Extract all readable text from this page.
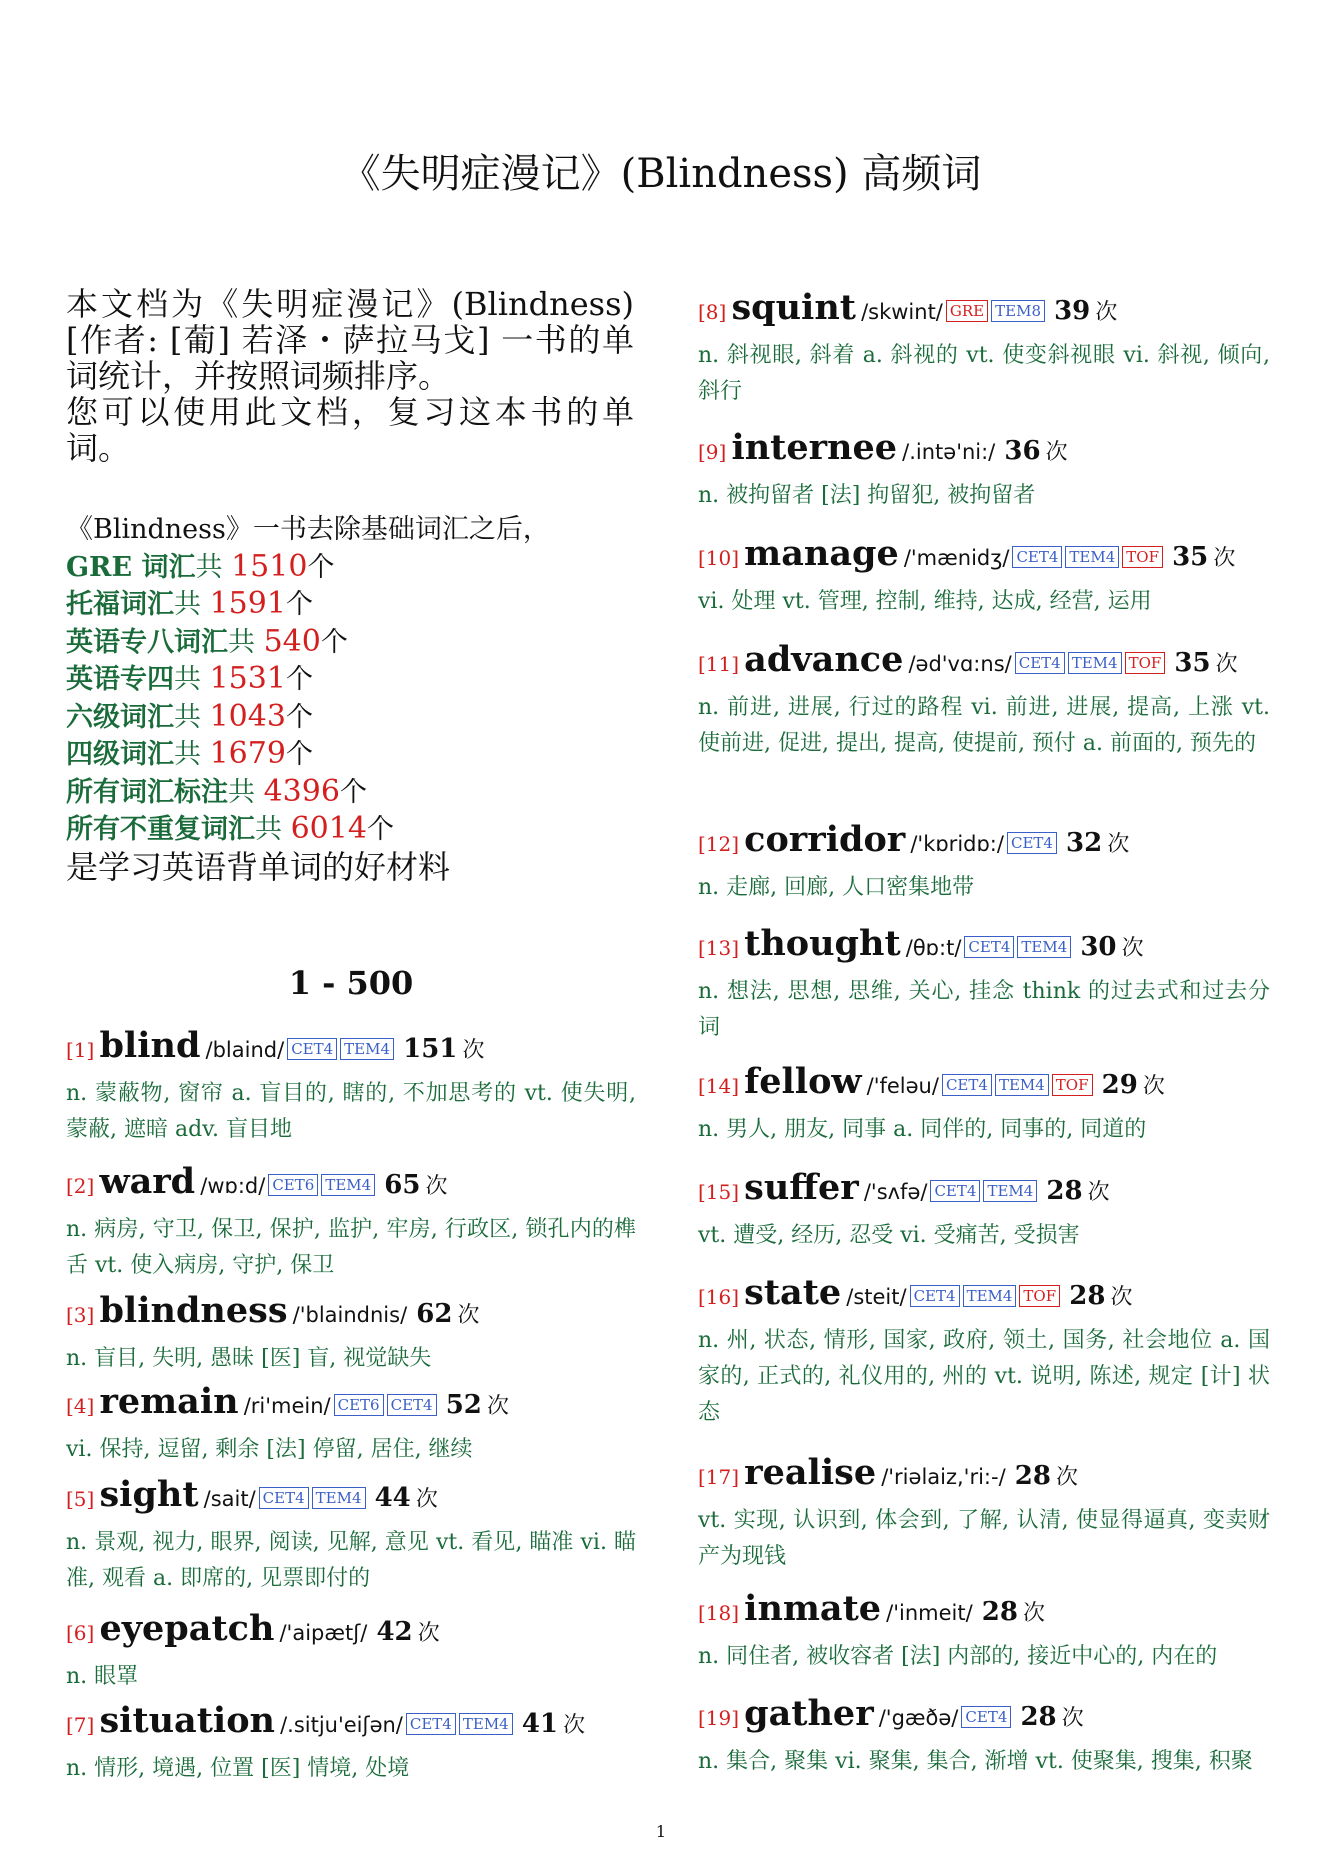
《失明症漫记》(Blindness) 高频词

本文档为《失明症漫记》(Blindness)[作者: [葡] 若泽・萨拉马戈] 一书的单词统计，并按照词频排序。

您可以使用此文档，复习这本书的单词。

《Blindness》一书去除基础词汇之后，
GRE 词汇共 1510个
托福词汇共 1591个
英语专八词汇共 540个
英语专四共 1531个
六级词汇共 1043个
四级词汇共 1679个
所有词汇标注共 4396个
所有不重复词汇共 6014个
是学习英语背单词的好材料
1 - 500
[1] blind /blaind/ CET4 TEM4 151 次
n. 蒙蔽物, 窗帘 a. 盲目的, 瞎的, 不加思考的 vt. 使失明, 蒙蔽, 遮暗 adv. 盲目地
[2] ward /wɒ:d/ CET6 TEM4 65 次
n. 病房, 守卫, 保卫, 保护, 监护, 牢房, 行政区, 锁孔内的榫舌 vt. 使入病房, 守护, 保卫
[3] blindness /'blaindnis/ 62 次
n. 盲目, 失明, 愚昧 [医] 盲, 视觉缺失
[4] remain /ri'mein/ CET6 CET4 52 次
vi. 保持, 逗留, 剩余 [法] 停留, 居住, 继续
[5] sight /sait/ CET4 TEM4 44 次
n. 景观, 视力, 眼界, 阅读, 见解, 意见 vt. 看见, 瞄准 vi. 瞄准, 观看 a. 即席的, 见票即付的
[6] eyepatch /'aipætʃ/ 42 次
n. 眼罩
[7] situation /.sitju'eiʃən/ CET4 TEM4 41 次
n. 情形, 境遇, 位置 [医] 情境, 处境
[8] squint /skwint/ GRE TEM8 39 次
n. 斜视眼, 斜着 a. 斜视的 vt. 使变斜视眼 vi. 斜视, 倾向, 斜行
[9] internee /.intə'ni:/ 36 次
n. 被拘留者 [法] 拘留犯, 被拘留者
[10] manage /'mænidʒ/ CET4 TEM4 TOF 35 次
vi. 处理 vt. 管理, 控制, 维持, 达成, 经营, 运用
[11] advance /əd'vɑ:ns/ CET4 TEM4 TOF 35 次
n. 前进, 进展, 行过的路程 vi. 前进, 进展, 提高, 上涨 vt. 使前进, 促进, 提出, 提高, 使提前, 预付 a. 前面的, 预先的
[12] corridor /'kɒridɒ:/ CET4 32 次
n. 走廊, 回廊, 人口密集地带
[13] thought /θɒ:t/ CET4 TEM4 30 次
n. 想法, 思想, 思维, 关心, 挂念 think 的过去式和过去分词
[14] fellow /'feləu/ CET4 TEM4 TOF 29 次
n. 男人, 朋友, 同事 a. 同伴的, 同事的, 同道的
[15] suffer /'sʌfə/ CET4 TEM4 28 次
vt. 遭受, 经历, 忍受 vi. 受痛苦, 受损害
[16] state /steit/ CET4 TEM4 TOF 28 次
n. 州, 状态, 情形, 国家, 政府, 领土, 国务, 社会地位 a. 国家的, 正式的, 礼仪用的, 州的 vt. 说明, 陈述, 规定 [计] 状态
[17] realise /'riəlaiz,'ri:-/ 28 次
vt. 实现, 认识到, 体会到, 了解, 认清, 使显得逼真, 变卖财产为现钱
[18] inmate /'inmeit/ 28 次
n. 同住者, 被收容者 [法] 内部的, 接近中心的, 内在的
[19] gather /'gæðə/ CET4 28 次
n. 集合, 聚集 vi. 聚集, 集合, 渐增 vt. 使聚集, 搜集, 积聚
1
